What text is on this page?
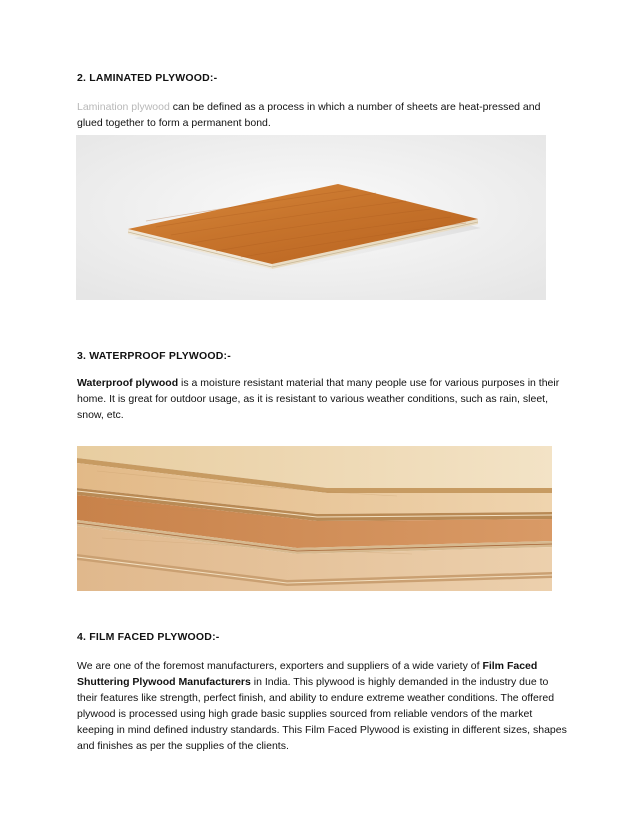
2. LAMINATED PLYWOOD:-

Lamination plywood can be defined as a process in which a number of sheets are heat-pressed and glued together to form a permanent bond.

3. WATERPROOF PLYWOOD:-

Waterproof plywood is a moisture resistant material that many people use for various purposes in their home. It is great for outdoor usage, as it is resistant to various weather conditions, such as rain, sleet, snow, etc.

4. FILM FACED PLYWOOD:-

We are one of the foremost manufacturers, exporters and suppliers of a wide variety of Film Faced Shuttering Plywood Manufacturers in India. This plywood is highly demanded in the industry due to their features like strength, perfect finish, and ability to endure extreme weather conditions. The offered plywood is processed using high grade basic supplies sourced from reliable vendors of the market keeping in mind defined industry standards. This Film Faced Plywood is existing in different sizes, shapes and finishes as per the supplies of the clients.
